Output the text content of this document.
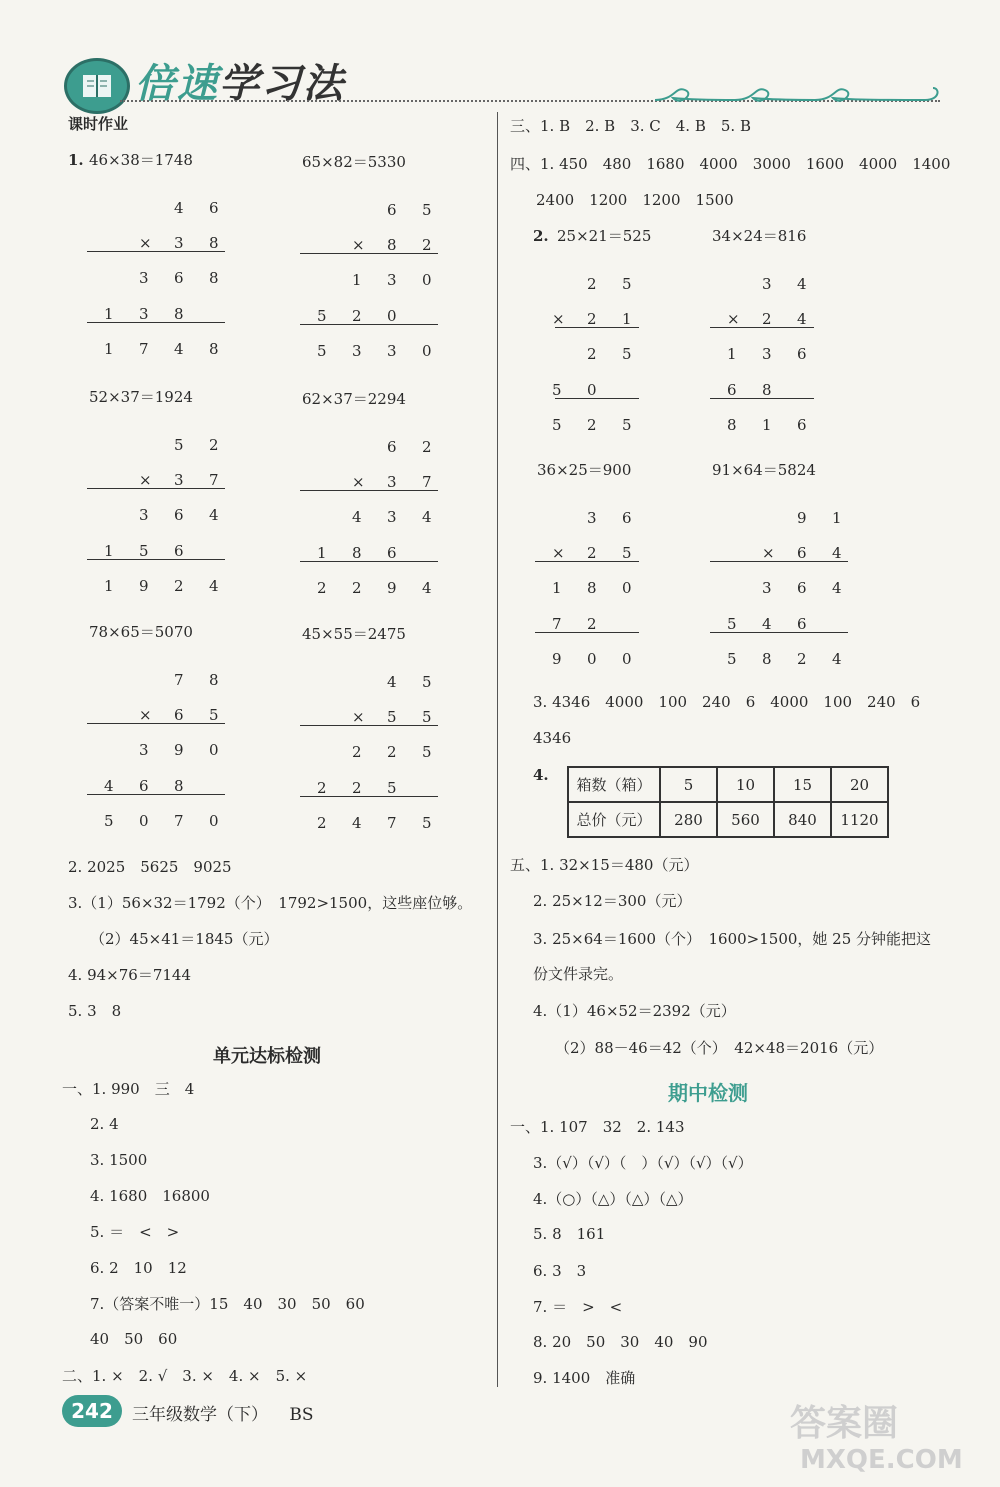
倍速学习法
课时作业
1. 46×38＝1748
4 6
× 3 8
3 6 8
1 3 8
1 7 4 8
65×82＝5330
6 5
× 8 2
1 3 0
5 2 0
5 3 3 0
52×37＝1924
5 2
× 3 7
3 6 4
1 5 6
1 9 2 4
62×37＝2294
6 2
× 3 7
4 3 4
1 8 6
2 2 9 4
78×65＝5070
7 8
× 6 5
3 9 0
4 6 8
5 0 7 0
45×55＝2475
4 5
× 5 5
2 2 5
2 2 5
2 4 7 5
2. 2025　5625　9025
3.（1）56×32＝1792（个）　1792>1500，这些座位够。
（2）45×41＝1845（元）
4. 94×76＝7144
5. 3　8
单元达标检测
一、1. 990　三　4
2. 4
3. 1500
4. 1680　16800
5. ＝　<　>
6. 2　10　12
7.（答案不唯一）15　40　30　50　60
40　50　60
二、1. ×　2. √　3. ×　4. ×　5. ×
三、1. B　2. B　3. C　4. B　5. B
四、1. 450　480　1680　4000　3000　1600　4000　1400
2400　1200　1200　1500
2. 25×21＝525
2 5
× 2 1
2 5
5 0
5 2 5
34×24＝816
3 4
× 2 4
1 3 6
6 8
8 1 6
36×25＝900
3 6
× 2 5
1 8 0
7 2
9 0 0
91×64＝5824
9 1
× 6 4
3 6 4
5 4 6
5 8 2 4
3. 4346　4000　100　240　6　4000　100　240　6
4346
4.
箱数（箱）	5	10	15	20
总价（元）	280	560	840	1120
五、1. 32×15＝480（元）
2. 25×12＝300（元）
3. 25×64＝1600（个）　1600>1500，她 25 分钟能把这
份文件录完。
4.（1）46×52＝2392（元）
（2）88－46＝42（个）　42×48＝2016（元）
期中检测
一、1. 107　32　2. 143
3.（√）（√）（　）（√）（√）（√）
4.（○）（△）（△）（△）
5. 8　161
6. 3　3
7. ＝　>　<
8. 20　50　30　40　90
9. 1400　准确
242	三年级数学（下） BS	答案圈
MXQE.COM
